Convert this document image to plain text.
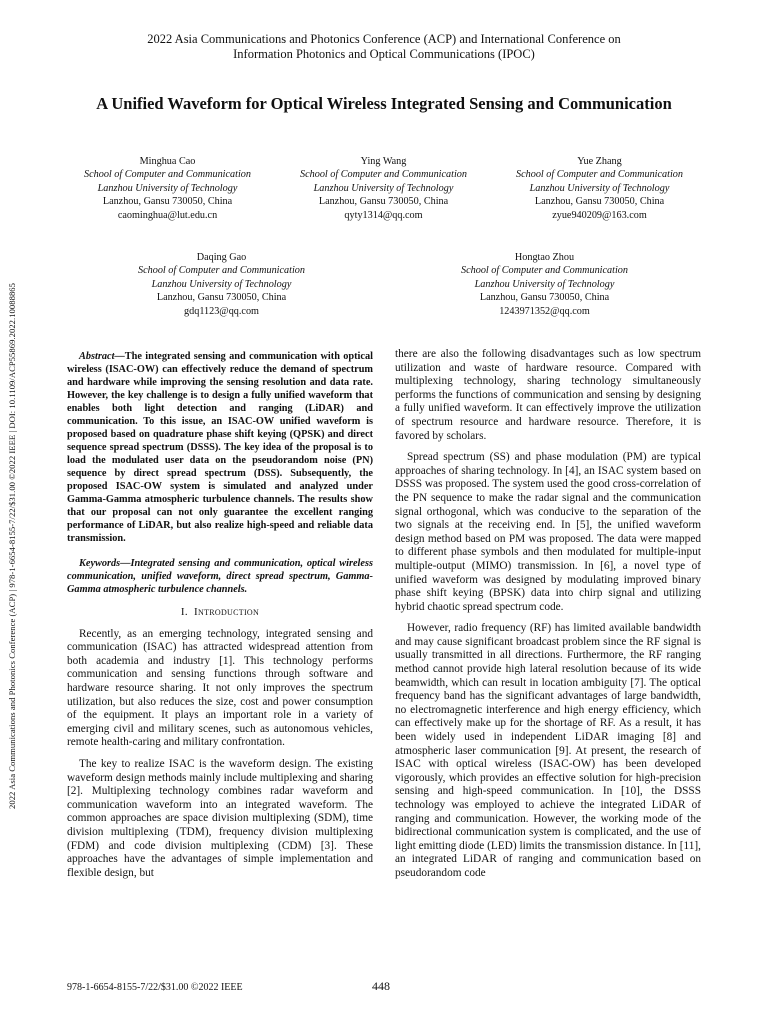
2022 Asia Communications and Photonics Conference (ACP) and International Conference on
Information Photonics and Optical Communications (IPOC)
A Unified Waveform for Optical Wireless Integrated Sensing and Communication
Minghua Cao
School of Computer and Communication
Lanzhou University of Technology
Lanzhou, Gansu 730050, China
caominghua@lut.edu.cn
Ying Wang
School of Computer and Communication
Lanzhou University of Technology
Lanzhou, Gansu 730050, China
qyty1314@qq.com
Yue Zhang
School of Computer and Communication
Lanzhou University of Technology
Lanzhou, Gansu 730050, China
zyue940209@163.com
Daqing Gao
School of Computer and Communication
Lanzhou University of Technology
Lanzhou, Gansu 730050, China
gdq1123@qq.com
Hongtao Zhou
School of Computer and Communication
Lanzhou University of Technology
Lanzhou, Gansu 730050, China
1243971352@qq.com
2022 Asia Communications and Photonics Conference (ACP) | 978-1-6654-8155-7/22/$31.00 ©2022 IEEE | DOI: 10.1109/ACP55869.2022.10088865	Abstract—The integrated sensing and communication with optical wireless (ISAC-OW) can effectively reduce the demand of spectrum and hardware while improving the sensing resolution and data rate. However, the key challenge is to design a fully unified waveform that enables both light detection and ranging (LiDAR) and communication. To this issue, an ISAC-OW unified waveform is proposed based on quadrature phase shift keying (QPSK) and direct sequence spread spectrum (DSSS). The key idea of the proposal is to load the modulated user data on the pseudorandom noise (PN) sequence by direct spread spectrum (DSS). Subsequently, the proposed ISAC-OW system is simulated and analyzed under Gamma-Gamma atmospheric turbulence channels. The results show that our proposal can not only guarantee the excellent ranging performance of LiDAR, but also realize high-speed and reliable data transmission.

Keywords—Integrated sensing and communication, optical wireless communication, unified waveform, direct spread spectrum, Gamma-Gamma atmospheric turbulence channels.

I. Introduction

Recently, as an emerging technology, integrated sensing and communication (ISAC) has attracted widespread attention from both academia and industry [1]. This technology performs communication and sensing functions through software and hardware resource sharing. It not only improves the spectrum utilization, but also reduces the size, cost and power consumption of the equipment. It plays an important role in a variety of emerging civil and military scenes, such as autonomous vehicles, remote health-caring and military confrontation.

The key to realize ISAC is the waveform design. The existing waveform design methods mainly include multiplexing and sharing [2]. Multiplexing technology combines radar waveform and communication waveform into an integrated waveform. The common approaches are space division multiplexing (SDM), time division multiplexing (TDM), frequency division multiplexing (FDM) and code division multiplexing (CDM) [3]. These approaches have the advantages of simple implementation and flexible design, but

there are also the following disadvantages such as low spectrum utilization and waste of hardware resource. Compared with multiplexing technology, sharing technology simultaneously performs the functions of communication and sensing by designing a fully unified waveform. It can effectively improve the utilization of spectrum resource and hardware resource. Therefore, it is favored by scholars.

Spread spectrum (SS) and phase modulation (PM) are typical approaches of sharing technology. In [4], an ISAC system based on DSSS was proposed. The system used the good cross-correlation of the PN sequence to make the radar signal and the communication signal orthogonal, which was conducive to the separation of the two signals at the receiving end. In [5], the unified waveform design method based on PM was proposed. The data were mapped to different phase symbols and then modulated for multiple-input multiple-output (MIMO) transmission. In [6], a novel type of unified waveform was designed by modulating improved binary phase shift keying (BPSK) data into chirp signal and utilizing hybrid chaotic spread spectrum code.

However, radio frequency (RF) has limited available bandwidth and may cause significant broadcast problem since the RF signal is usually transmitted in all directions. Furthermore, the RF ranging method cannot provide high lateral resolution because of its wide beamwidth, which can result in location ambiguity [7]. The optical frequency band has the significant advantages of large bandwidth, no electromagnetic interference and high energy efficiency, which can effectively make up for the shortage of RF. As a result, it has been widely used in independent LiDAR imaging [8] and atmospheric laser communication [9]. At present, the research of ISAC with optical wireless (ISAC-OW) has been developed vigorously, which provides an effective solution for high-precision sensing and high-speed communication. In [10], the DSSS technology was employed to achieve the integrated LiDAR of ranging and communication. However, the working mode of the bidirectional communication system is complicated, and the use of light emitting diode (LED) limits the transmission distance. In [11], an integrated LiDAR of ranging and communication based on pseudorandom code

978-1-6654-8155-7/22/$31.00 ©2022 IEEE	448
